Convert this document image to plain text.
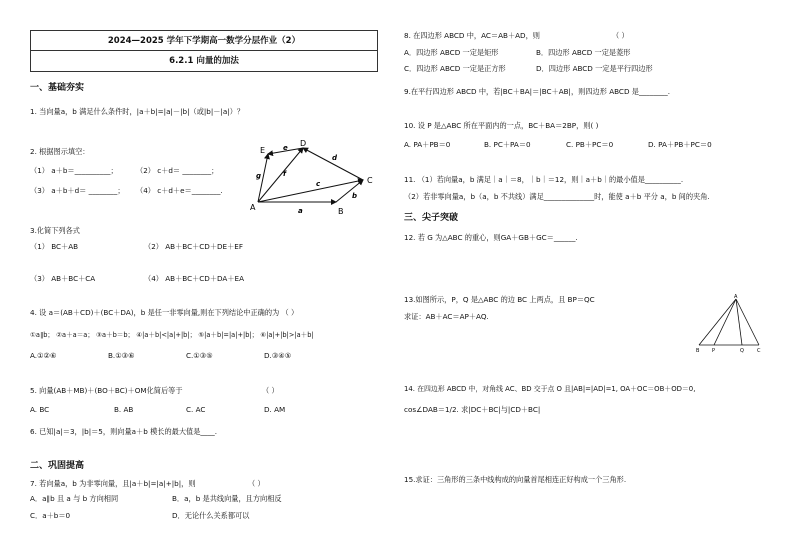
2024—2025 学年下学期高一数学分层作业（2）
6.2.1 向量的加法
一、基础夯实
1. 当向量a，b 满足什么条件时，|a＋b|=|a|－|b|（或|b|－|a|）？
2. 根据图示填空：
（1） a＋b＝__________；	（2） c＋d＝ ________；
（3） a＋b＋d＝ ________； （4） c＋d＋e＝________.
A	B
C
D
E
a
b
c
d
e
f
g
3.化简下列各式
（1） BC＋AB	（2） AB＋BC＋CD＋DE＋EF
（3） AB＋BC＋CA	（4） AB＋BC＋CD＋DA＋EA
4. 设 a＝(AB＋CD)＋(BC＋DA)，b 是任一非零向量,则在下列结论中正确的为 （ ）
①a∥b； ②a＋a＝a； ③a＋b＝b； ④|a＋b|<|a|+|b|； ⑤|a＋b|=|a|+|b|； ⑥|a|+|b|>|a＋b|
A.①②⑥	B.①③⑥	C.①③⑤	D.③④⑤
5. 向量(AB＋MB)＋(BO＋BC)＋OM化简后等于	（ ）
A. BC	B. AB	C. AC	D. AM
6. 已知|a|＝3，|b|＝5，则向量a＋b 模长的最大值是____.
二、巩固提高
7. 若向量a，b 为非零向量，且|a＋b|=|a|+|b|，则	（ ）
A．a∥b 且 a 与 b 方向相同	B．a，b 是共线向量，且方向相反
C．a＋b＝0	D．无论什么关系都可以
8. 在四边形 ABCD 中，AC＝AB＋AD，则	（ ）
A．四边形 ABCD 一定是矩形	B．四边形 ABCD 一定是菱形
C．四边形 ABCD 一定是正方形	D．四边形 ABCD 一定是平行四边形
9.在平行四边形 ABCD 中，若|BC＋BA|＝|BC＋AB|，则四边形 ABCD 是________.
10. 设 P 是△ABC 所在平面内的一点，BC＋BA＝2BP，则( )
A. PA＋PB＝0	B. PC＋PA＝0	C. PB＋PC＝0	D. PA＋PB＋PC＝0
11. （1）若向量a，b 满足｜a｜＝8，｜b｜＝12，则｜a＋b｜的最小值是__________.
（2）若非零向量a，b（a，b 不共线）满足______________时，能使 a＋b 平分 a，b 间的夹角.
三、尖子突破
12. 若 G 为△ABC 的重心，则GA＋GB＋GC＝______.
13.如图所示，P，Q 是△ABC 的边 BC 上两点，且 BP＝QC
求证：AB＋AC＝AP＋AQ.
A
B	P	Q	C
14. 在四边形 ABCD 中，对角线 AC、BD 交于点 O 且|AB|=|AD|=1, OA＋OC＝OB＋OD＝0,
cos∠DAB＝1/2. 求|DC＋BC|与|CD＋BC|
15.求证：三角形的三条中线构成的向量首尾相连正好构成一个三角形.
